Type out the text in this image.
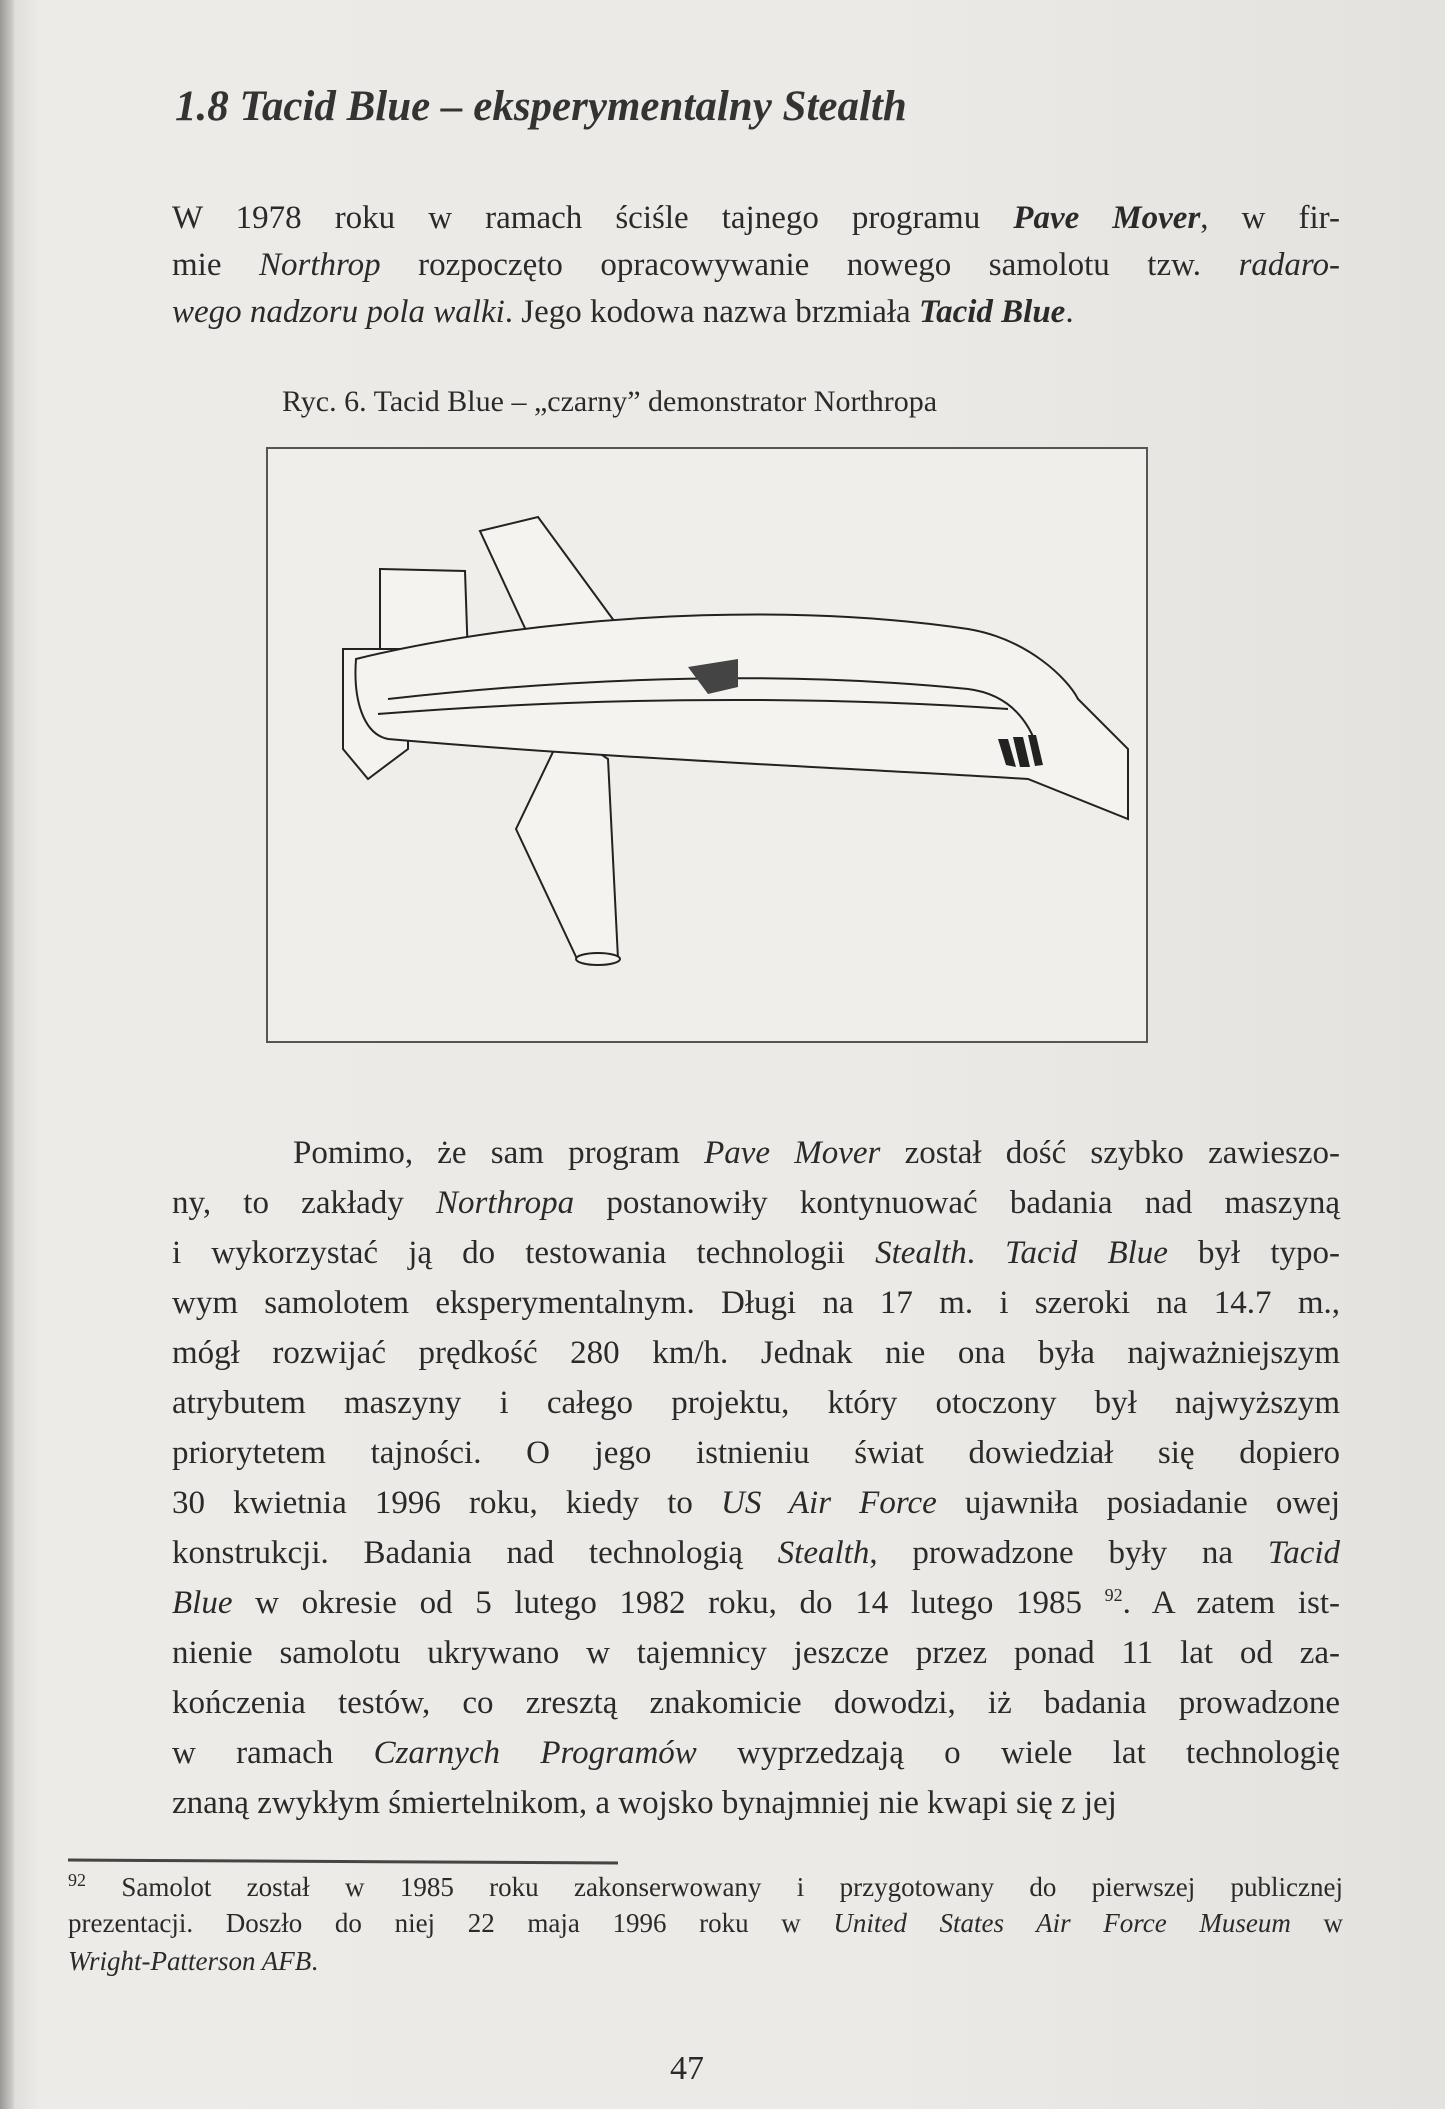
1.8 Tacid Blue – eksperymentalny Stealth
W 1978 roku w ramach ściśle tajnego programu Pave Mover, w fir-
mie Northrop rozpoczęto opracowywanie nowego samolotu tzw. radaro-
wego nadzoru pola walki. Jego kodowa nazwa brzmiała Tacid Blue.
Ryc. 6. Tacid Blue – „czarny” demonstrator Northropa
Pomimo, że sam program Pave Mover został dość szybko zawieszo-
ny, to zakłady Northropa postanowiły kontynuować badania nad maszyną
i wykorzystać ją do testowania technologii Stealth. Tacid Blue był typo-
wym samolotem eksperymentalnym. Długi na 17 m. i szeroki na 14.7 m.,
mógł rozwijać prędkość 280 km/h. Jednak nie ona była najważniejszym
atrybutem maszyny i całego projektu, który otoczony był najwyższym
priorytetem tajności. O jego istnieniu świat dowiedział się dopiero
30 kwietnia 1996 roku, kiedy to US Air Force ujawniła posiadanie owej
konstrukcji. Badania nad technologią Stealth, prowadzone były na Tacid
Blue w okresie od 5 lutego 1982 roku, do 14 lutego 1985 $^{92}$. A zatem ist-
nienie samolotu ukrywano w tajemnicy jeszcze przez ponad 11 lat od za-
kończenia testów, co zresztą znakomicie dowodzi, iż badania prowadzone
w ramach Czarnych Programów wyprzedzają o wiele lat technologię
znaną zwykłym śmiertelnikom, a wojsko bynajmniej nie kwapi się z jej
$^{92}$ Samolot został w 1985 roku zakonserwowany i przygotowany do pierwszej publicznej
prezentacji. Doszło do niej 22 maja 1996 roku w United States Air Force Museum w
Wright-Patterson AFB.
47
